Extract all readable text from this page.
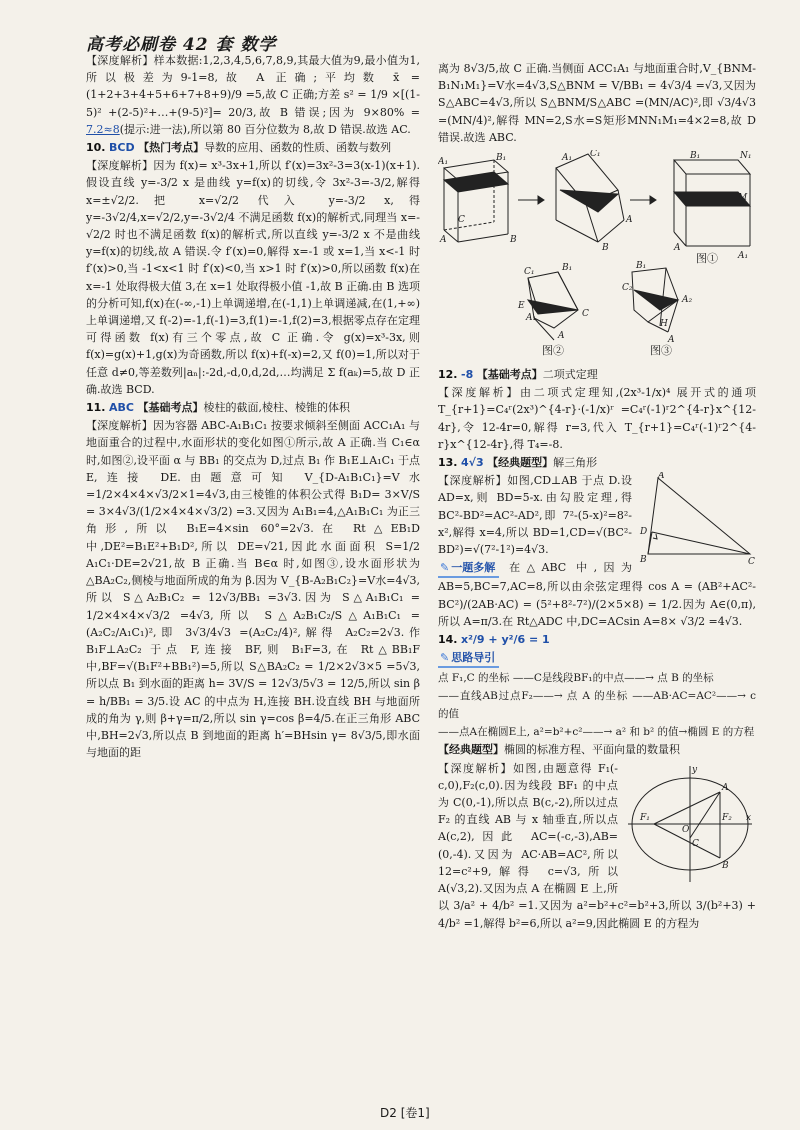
高考必刷卷 42 套 数学

【深度解析】样本数据:1,2,3,4,5,6,7,8,9,其最大值为9,最小值为1,所以极差为9-1=8,故 A 正确;平均数 x̄ = (1+2+3+4+5+6+7+8+9)/9 =5,故 C 正确;方差 s² = 1/9 ×[(1-5)² +(2-5)²+…+(9-5)²]= 20/3,故 B 错误;因为 9×80% = 7.2≈8(提示:进一法),所以第 80 百分位数为 8,故 D 错误.故选 AC.

10. BCD 【热门考点】导数的应用、函数的性质、函数与数列

【深度解析】因为 f(x)= x³-3x+1,所以 f′(x)=3x²-3=3(x-1)(x+1).假设直线 y=-3/2 x 是曲线 y=f(x)的切线,令 3x²-3=-3/2,解得 x=±√2/2.把 x=√2/2 代入 y=-3/2 x,得 y=-3√2/4,x=√2/2,y=-3√2/4 不满足函数 f(x)的解析式,同理当 x=-√2/2 时也不满足函数 f(x)的解析式,所以直线 y=-3/2 x 不是曲线 y=f(x)的切线,故 A 错误.令 f′(x)=0,解得 x=-1 或 x=1,当 x<-1 时 f′(x)>0,当 -1<x<1 时 f′(x)<0,当 x>1 时 f′(x)>0,所以函数 f(x)在 x=-1 处取得极大值 3,在 x=1 处取得极小值 -1,故 B 正确.由 B 选项的分析可知,f(x)在(-∞,-1)上单调递增,在(-1,1)上单调递减,在(1,+∞)上单调递增,又 f(-2)=-1,f(-1)=3,f(1)=-1,f(2)=3,根据零点存在定理可得函数 f(x)有三个零点,故 C 正确.令 g(x)=x³-3x,则 f(x)=g(x)+1,g(x)为奇函数,所以 f(x)+f(-x)=2,又 f(0)=1,所以对于任意 d≠0,等差数列|aₙ|:-2d,-d,0,d,2d,…均满足 Σ f(aₖ)=5,故 D 正确.故选 BCD.

11. ABC 【基础考点】棱柱的截面,棱柱、棱锥的体积

【深度解析】因为容器 ABC-A₁B₁C₁ 按要求倾斜至侧面 ACC₁A₁ 与地面重合的过程中,水面形状的变化如图①所示,故 A 正确.当 C₁∈α 时,如图②,设平面 α 与 BB₁ 的交点为 D,过点 B₁ 作 B₁E⊥A₁C₁ 于点 E,连接 DE.由题意可知 V_{D-A₁B₁C₁}=V水=1/2×4×4×√3/2×1=4√3,由三棱锥的体积公式得 B₁D= 3×V/S = 3×4√3/(1/2×4×4×√3/2) =3.又因为 A₁B₁=4,△A₁B₁C₁ 为正三角形,所以 B₁E=4×sin 60°=2√3.在 Rt△EB₁D 中,DE²=B₁E²+B₁D²,所以 DE=√21,因此水面面积 S=1/2 A₁C₁·DE=2√21,故 B 正确.当 B∈α 时,如图③,设水面形状为 △BA₂C₂,侧棱与地面所成的角为 β.因为 V_{B-A₂B₁C₂}=V水=4√3,所以 S△A₂B₁C₂ = 12√3/BB₁ =3√3.因为 S△A₁B₁C₁ = 1/2×4×4×√3/2 =4√3,所以 S△A₂B₁C₂/S△A₁B₁C₁ =(A₂C₂/A₁C₁)²,即 3√3/4√3 =(A₂C₂/4)²,解得 A₂C₂=2√3.作 B₁F⊥A₂C₂ 于点 F,连接 BF,则 B₁F=3,在 Rt△BB₁F 中,BF=√(B₁F²+BB₁²)=5,所以 S△BA₂C₂ = 1/2×2√3×5 =5√3,所以点 B₁ 到水面的距离 h= 3V/S = 12√3/5√3 = 12/5,所以 sin β = h/BB₁ = 3/5.设 AC 的中点为 H,连接 BH.设直线 BH 与地面所成的角为 γ,则 β+γ=π/2,所以 sin γ=cos β=4/5.在正三角形 ABC 中,BH=2√3,所以点 B 到地面的距离 h′=BHsin γ= 8√3/5,即水面与地面的距

离为 8√3/5,故 C 正确.当侧面 ACC₁A₁ 与地面重合时,V_{BNM-B₁N₁M₁}=V水=4√3,S△BNM = V/BB₁ = 4√3/4 =√3,又因为 S△ABC=4√3,所以 S△BNM/S△ABC =(MN/AC)²,即 √3/4√3 =(MN/4)²,解得 MN=2,S水=S矩形MNN₁M₁=4×2=8,故 D 错误.故选 ABC.

A₁	B₁
A	B
C
A₁ C₁
B
A
B₁	N₁
M
A
A₁
C₁	B₁
E
A₁
A
C
B₁
C₂
A₂
A
H
图①
图②	图③

12. -8 【基础考点】二项式定理

【深度解析】由二项式定理知,(2x³-1/x)⁴ 展开式的通项 T_{r+1}=C₄ʳ(2x³)^{4-r}·(-1/x)ʳ =C₄ʳ(-1)ʳ2^{4-r}x^{12-4r},令 12-4r=0,解得 r=3,代入 T_{r+1}=C₄ʳ(-1)ʳ2^{4-r}x^{12-4r},得 T₄=-8.

13. 4√3 【经典题型】解三角形

A
D
B	C

【深度解析】如图,CD⊥AB 于点 D.设 AD=x,则 BD=5-x.由勾股定理,得 BC²-BD²=AC²-AD²,即 7²-(5-x)²=8²-x²,解得 x=4,所以 BD=1,CD=√(BC²-BD²)=√(7²-1²)=4√3.

✎ 一题多解 在△ABC 中,因为 AB=5,BC=7,AC=8,所以由余弦定理得 cos A = (AB²+AC²-BC²)/(2AB·AC) = (5²+8²-7²)/(2×5×8) = 1/2.因为 A∈(0,π),所以 A=π/3.在 Rt△ADC 中,DC=ACsin A=8× √3/2 =4√3.

14. x²/9 + y²/6 = 1

✎ 思路导引

点 F₁,C 的坐标 ——C是线段BF₁的中点——→ 点 B 的坐标
——直线AB过点F₂——→ 点 A 的坐标 ——AB·AC=AC²——→ c 的值
——点A在椭圆E上, a²=b²+c²——→ a² 和 b² 的值→椭圆 E 的方程

【经典题型】椭圆的标准方程、平面向量的数量积

A
B
C
F₁	F₂
O
x
y

【深度解析】如图,由题意得 F₁(-c,0),F₂(c,0).因为线段 BF₁ 的中点为 C(0,-1),所以点 B(c,-2),所以过点 F₂ 的直线 AB 与 x 轴垂直,所以点 A(c,2),因此 AC=(-c,-3),AB=(0,-4).又因为 AC·AB=AC²,所以 12=c²+9,解得 c=√3,所以 A(√3,2).又因为点 A 在椭圆 E 上,所以 3/a² + 4/b² =1.又因为 a²=b²+c²=b²+3,所以 3/(b²+3) + 4/b² =1,解得 b²=6,所以 a²=9,因此椭圆 E 的方程为

D2 [卷1]
